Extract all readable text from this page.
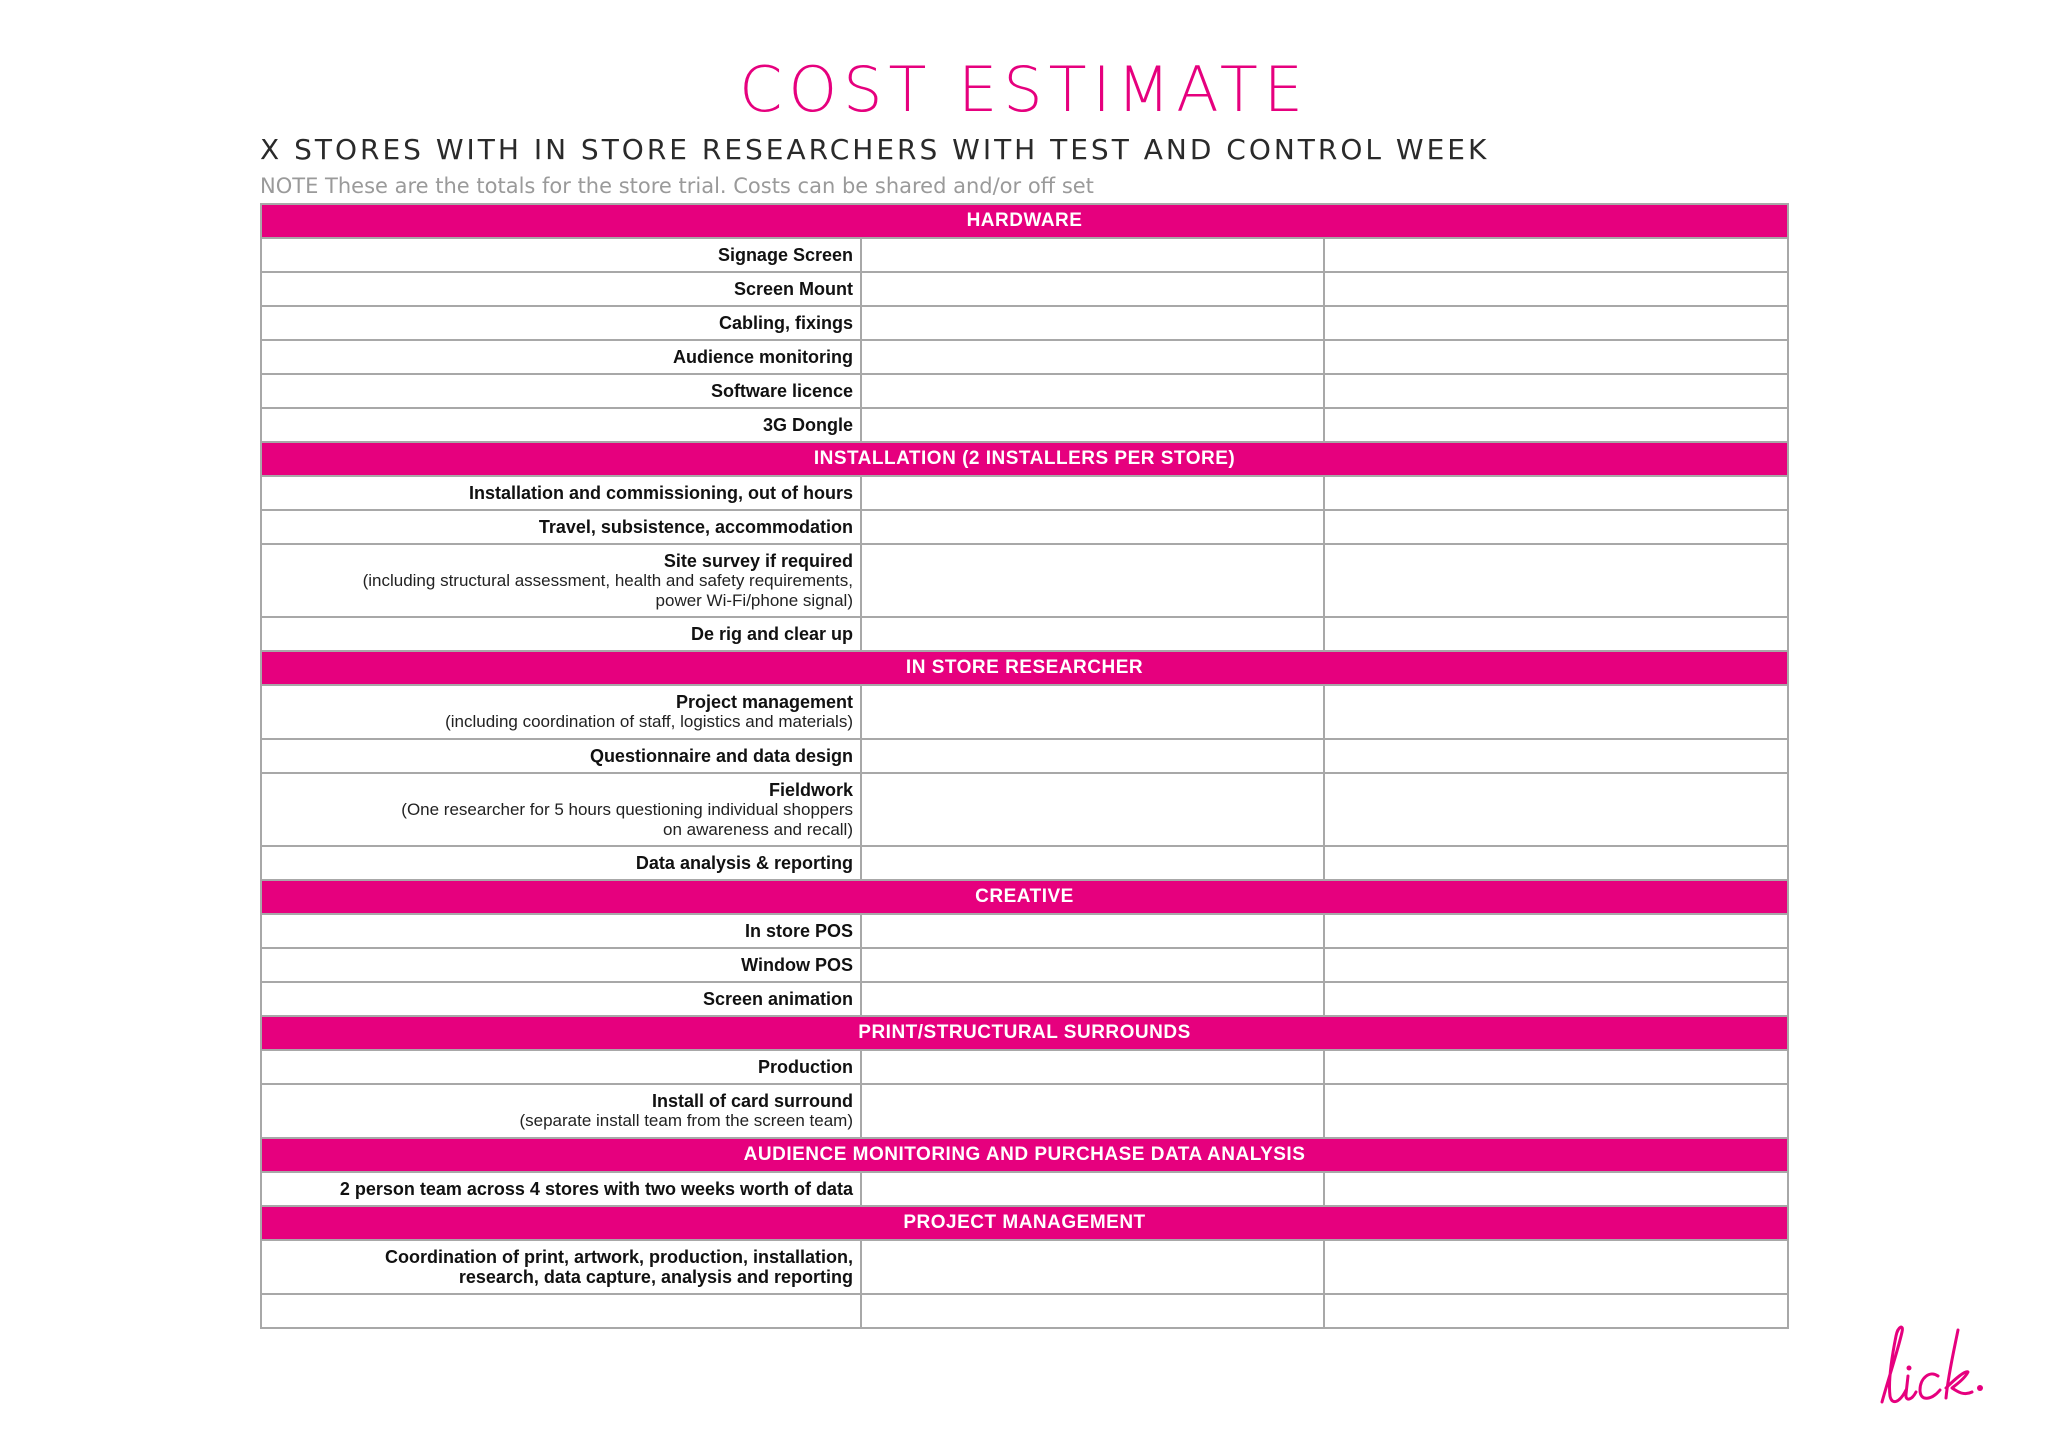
COST ESTIMATE
X STORES WITH IN STORE RESEARCHERS WITH TEST AND CONTROL WEEK
NOTE These are the totals for the store trial. Costs can be shared and/or off set
HARDWARE		

Signage Screen		

Screen Mount		

Cabling, fixings		

Audience monitoring		

Software licence		

3G Dongle		

INSTALLATION (2 INSTALLERS PER STORE)		

Installation and commissioning, out of hours		

Travel, subsistence, accommodation		

Site survey if required
(including structural assessment, health and safety requirements,
power Wi-Fi/phone signal)		

De rig and clear up		

IN STORE RESEARCHER		

Project management
(including coordination of staff, logistics and materials)		

Questionnaire and data design		

Fieldwork
(One researcher for 5 hours questioning individual shoppers
on awareness and recall)		

Data analysis & reporting		

CREATIVE		

In store POS		

Window POS		

Screen animation		

PRINT/STRUCTURAL SURROUNDS		

Production		

Install of card surround
(separate install team from the screen team)		

AUDIENCE MONITORING AND PURCHASE DATA ANALYSIS		

2 person team across 4 stores with two weeks worth of data		

PROJECT MANAGEMENT		

Coordination of print, artwork, production, installation,
research, data capture, analysis and reporting		
